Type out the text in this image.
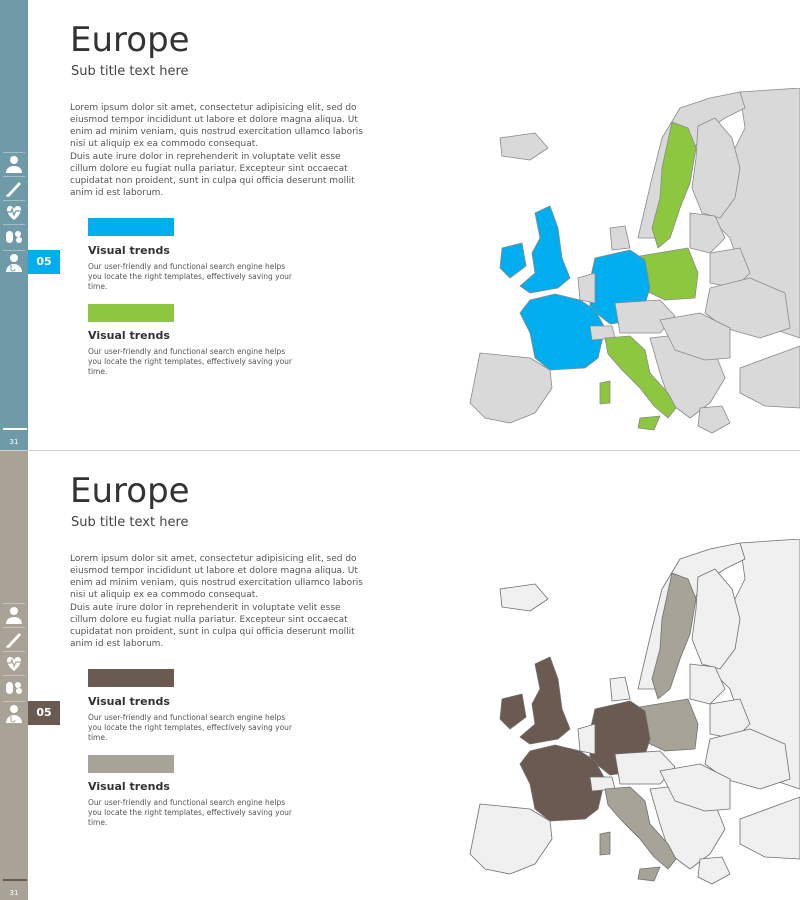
31
05
Europe
Sub title text here

Lorem ipsum dolor sit amet, consectetur adipisicing elit, sed do eiusmod tempor incididunt ut labore et dolore magna aliqua. Ut enim ad minim veniam, quis nostrud exercitation ullamco laboris nisi ut aliquip ex ea commodo consequat.

Duis aute irure dolor in reprehenderit in voluptate velit esse cillum dolore eu fugiat nulla pariatur. Excepteur sint occaecat cupidatat non proident, sunt in culpa qui officia deserunt mollit anim id est laborum.

Visual trends
Our user-friendly and functional search engine helps you locate the right templates, effectively saving your time.
Visual trends
Our user-friendly and functional search engine helps you locate the right templates, effectively saving your time.
31
05
Europe
Sub title text here

Lorem ipsum dolor sit amet, consectetur adipisicing elit, sed do eiusmod tempor incididunt ut labore et dolore magna aliqua. Ut enim ad minim veniam, quis nostrud exercitation ullamco laboris nisi ut aliquip ex ea commodo consequat.

Duis aute irure dolor in reprehenderit in voluptate velit esse cillum dolore eu fugiat nulla pariatur. Excepteur sint occaecat cupidatat non proident, sunt in culpa qui officia deserunt mollit anim id est laborum.

Visual trends
Our user-friendly and functional search engine helps you locate the right templates, effectively saving your time.
Visual trends
Our user-friendly and functional search engine helps you locate the right templates, effectively saving your time.
